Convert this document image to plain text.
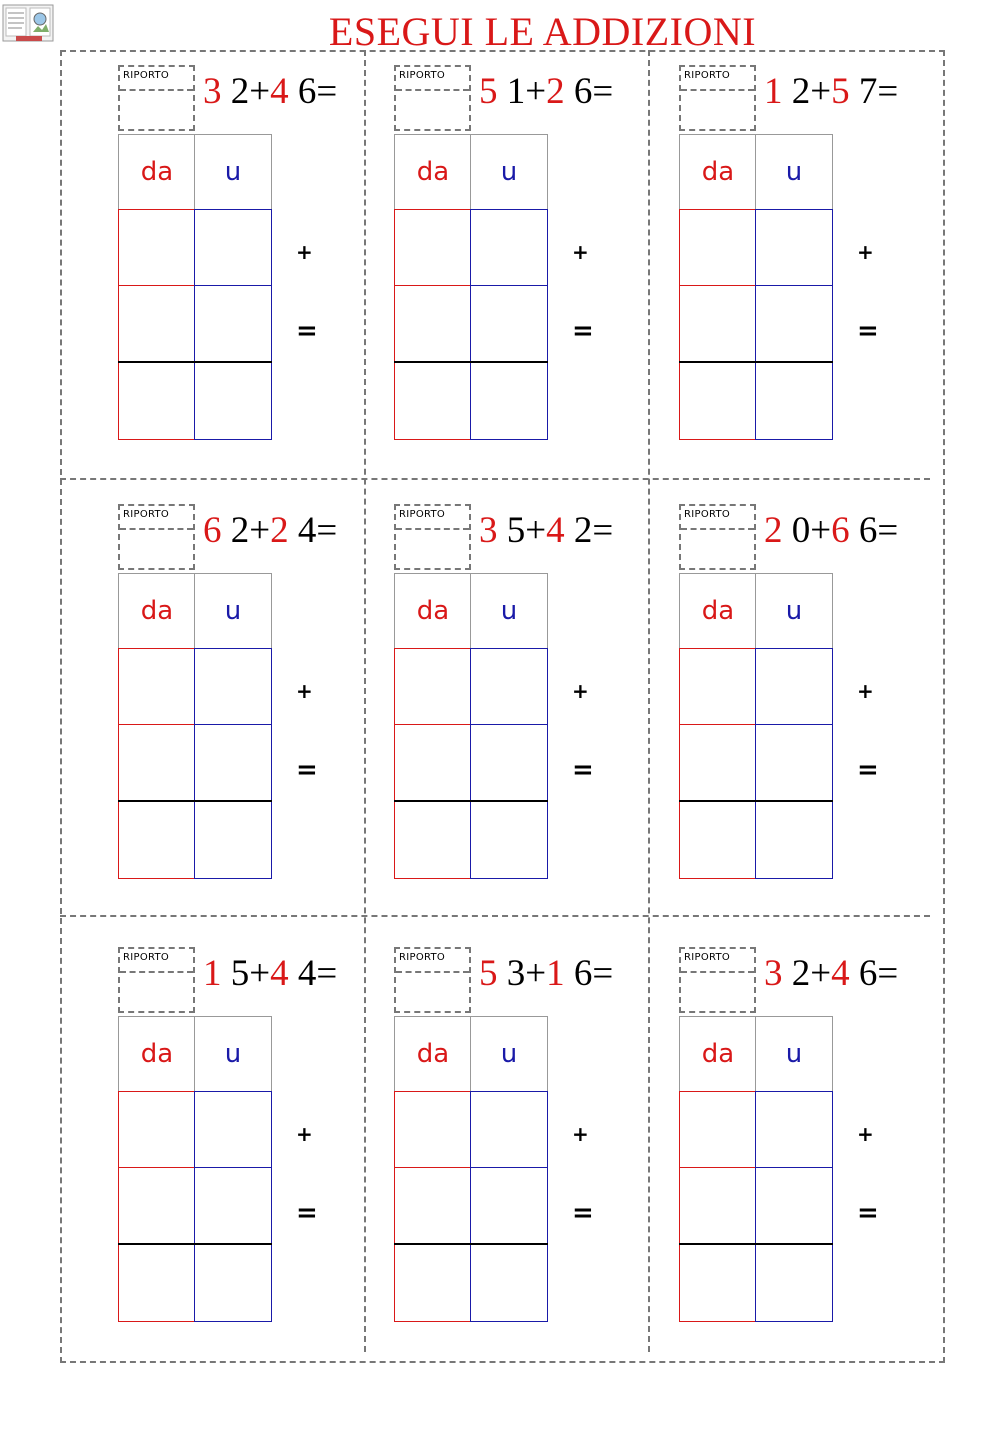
ESEGUI LE ADDIZIONI
RIPORTO 3 2+4 6=
da	u
+
=
RIPORTO 5 1+2 6=
da	u
+
=
RIPORTO 1 2+5 7=
da	u
+
=
RIPORTO 6 2+2 4=
da	u
+
=
RIPORTO 3 5+4 2=
da	u
+
=
RIPORTO 2 0+6 6=
da	u
+
=
RIPORTO 1 5+4 4=
da	u
+
=
RIPORTO 5 3+1 6=
da	u
+
=
RIPORTO 3 2+4 6=
da	u
+
=
